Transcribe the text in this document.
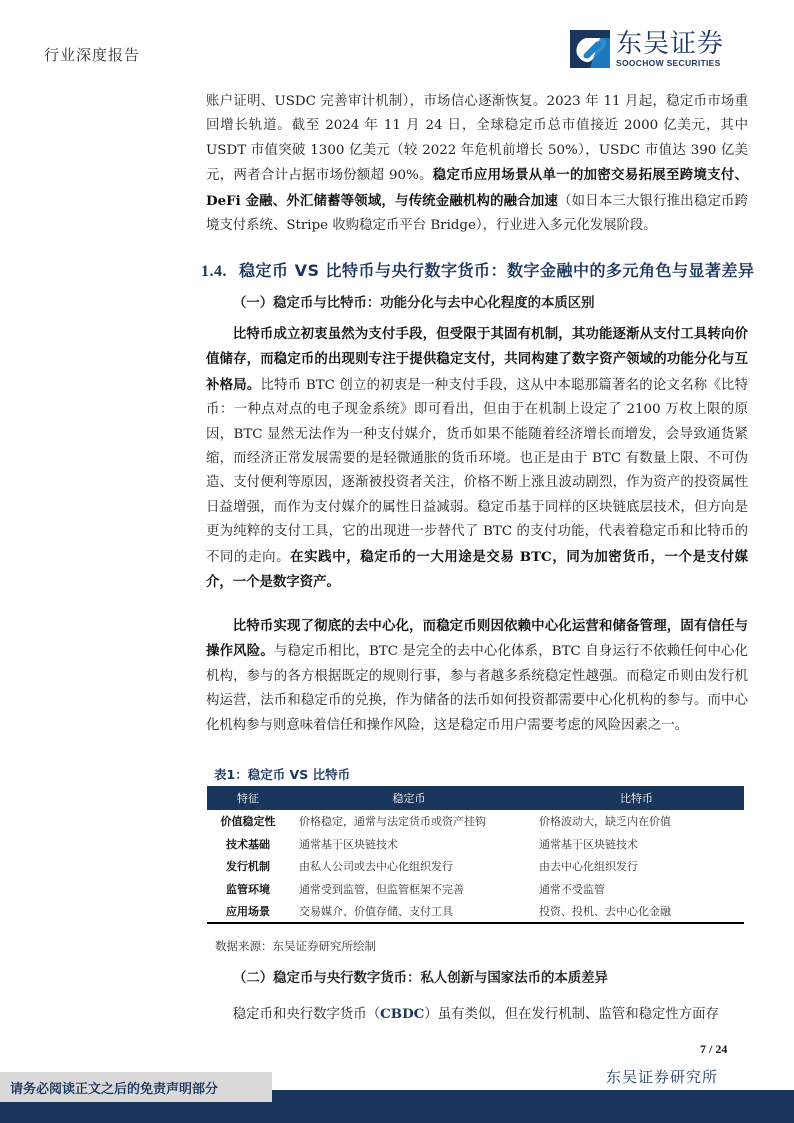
行业深度报告	东吴证券
SOOCHOW SECURITIES
账户证明、USDC 完善审计机制），市场信心逐渐恢复。2023 年 11 月起，稳定币市场重回增长轨道。截至 2024 年 11 月 24 日，全球稳定币总市值接近 2000 亿美元，其中 USDT 市值突破 1300 亿美元（较 2022 年危机前增长 50%），USDC 市值达 390 亿美元，两者合计占据市场份额超 90%。稳定币应用场景从单一的加密交易拓展至跨境支付、DeFi 金融、外汇储蓄等领域，与传统金融机构的融合加速（如日本三大银行推出稳定币跨境支付系统、Stripe 收购稳定币平台 Bridge），行业进入多元化发展阶段。
1.4. 稳定币 VS 比特币与央行数字货币：数字金融中的多元角色与显著差异
（一）稳定币与比特币：功能分化与去中心化程度的本质区别
比特币成立初衷虽然为支付手段，但受限于其固有机制，其功能逐渐从支付工具转向价值储存，而稳定币的出现则专注于提供稳定支付，共同构建了数字资产领域的功能分化与互补格局。比特币 BTC 创立的初衷是一种支付手段，这从中本聪那篇著名的论文名称《比特币：一种点对点的电子现金系统》即可看出，但由于在机制上设定了 2100 万枚上限的原因，BTC 显然无法作为一种支付媒介，货币如果不能随着经济增长而增发，会导致通货紧缩，而经济正常发展需要的是轻微通胀的货币环境。也正是由于 BTC 有数量上限、不可伪造、支付便利等原因，逐渐被投资者关注，价格不断上涨且波动剧烈，作为资产的投资属性日益增强，而作为支付媒介的属性日益减弱。稳定币基于同样的区块链底层技术，但方向是更为纯粹的支付工具，它的出现进一步替代了 BTC 的支付功能，代表着稳定币和比特币的不同的走向。在实践中，稳定币的一大用途是交易 BTC，同为加密货币，一个是支付媒介，一个是数字资产。
比特币实现了彻底的去中心化，而稳定币则因依赖中心化运营和储备管理，固有信任与操作风险。与稳定币相比，BTC 是完全的去中心化体系，BTC 自身运行不依赖任何中心化机构，参与的各方根据既定的规则行事，参与者越多系统稳定性越强。而稳定币则由发行机构运营，法币和稳定币的兑换，作为储备的法币如何投资都需要中心化机构的参与。而中心化机构参与则意味着信任和操作风险，这是稳定币用户需要考虑的风险因素之一。
表1：稳定币 VS 比特币
特征	稳定币	比特币
价值稳定性	价格稳定，通常与法定货币或资产挂钩	价格波动大，缺乏内在价值
技术基础	通常基于区块链技术	通常基于区块链技术
发行机制	由私人公司或去中心化组织发行	由去中心化组织发行
监管环境	通常受到监管，但监管框架不完善	通常不受监管
应用场景	交易媒介、价值存储、支付工具	投资、投机、去中心化金融
数据来源：东吴证券研究所绘制
（二）稳定币与央行数字货币：私人创新与国家法币的本质差异
稳定币和央行数字货币（CBDC）虽有类似，但在发行机制、监管和稳定性方面存
7 / 24
东吴证券研究所
请务必阅读正文之后的免责声明部分
